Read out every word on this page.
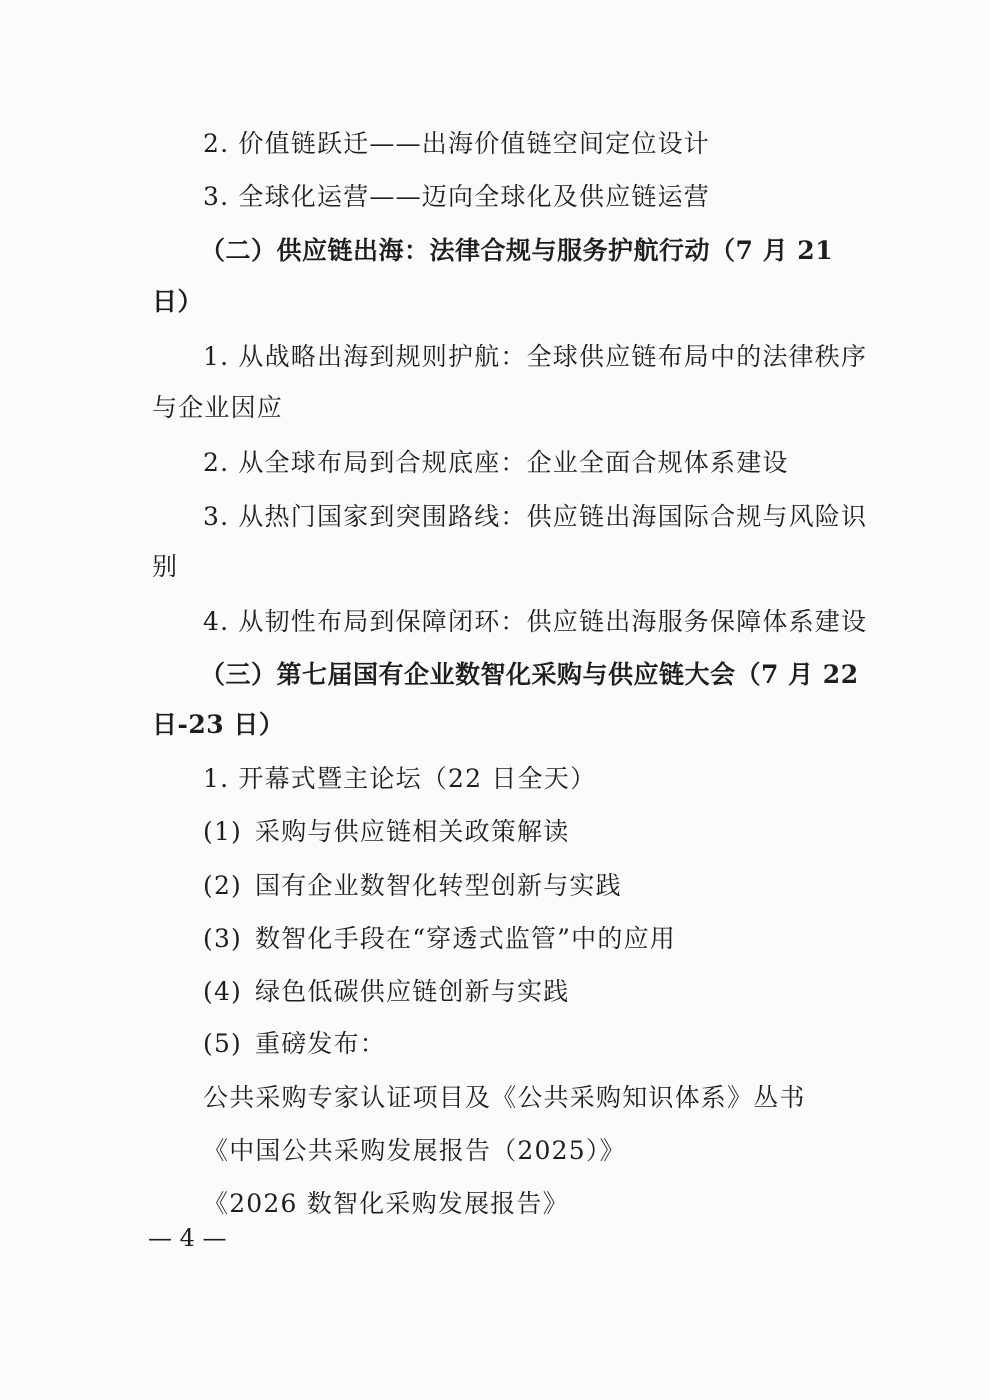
2. 价值链跃迁——出海价值链空间定位设计
3. 全球化运营——迈向全球化及供应链运营
（二）供应链出海：法律合规与服务护航行动（7 月 21
日）
1. 从战略出海到规则护航：全球供应链布局中的法律秩序
与企业因应
2. 从全球布局到合规底座：企业全面合规体系建设
3. 从热门国家到突围路线：供应链出海国际合规与风险识
别
4. 从韧性布局到保障闭环：供应链出海服务保障体系建设
（三）第七届国有企业数智化采购与供应链大会（7 月 22
日-23 日）
1. 开幕式暨主论坛（22 日全天）
(1) 采购与供应链相关政策解读
(2) 国有企业数智化转型创新与实践
(3) 数智化手段在“穿透式监管”中的应用
(4) 绿色低碳供应链创新与实践
(5) 重磅发布：
公共采购专家认证项目及《公共采购知识体系》丛书
《中国公共采购发展报告（2025）》
《2026 数智化采购发展报告》
— 4 —
